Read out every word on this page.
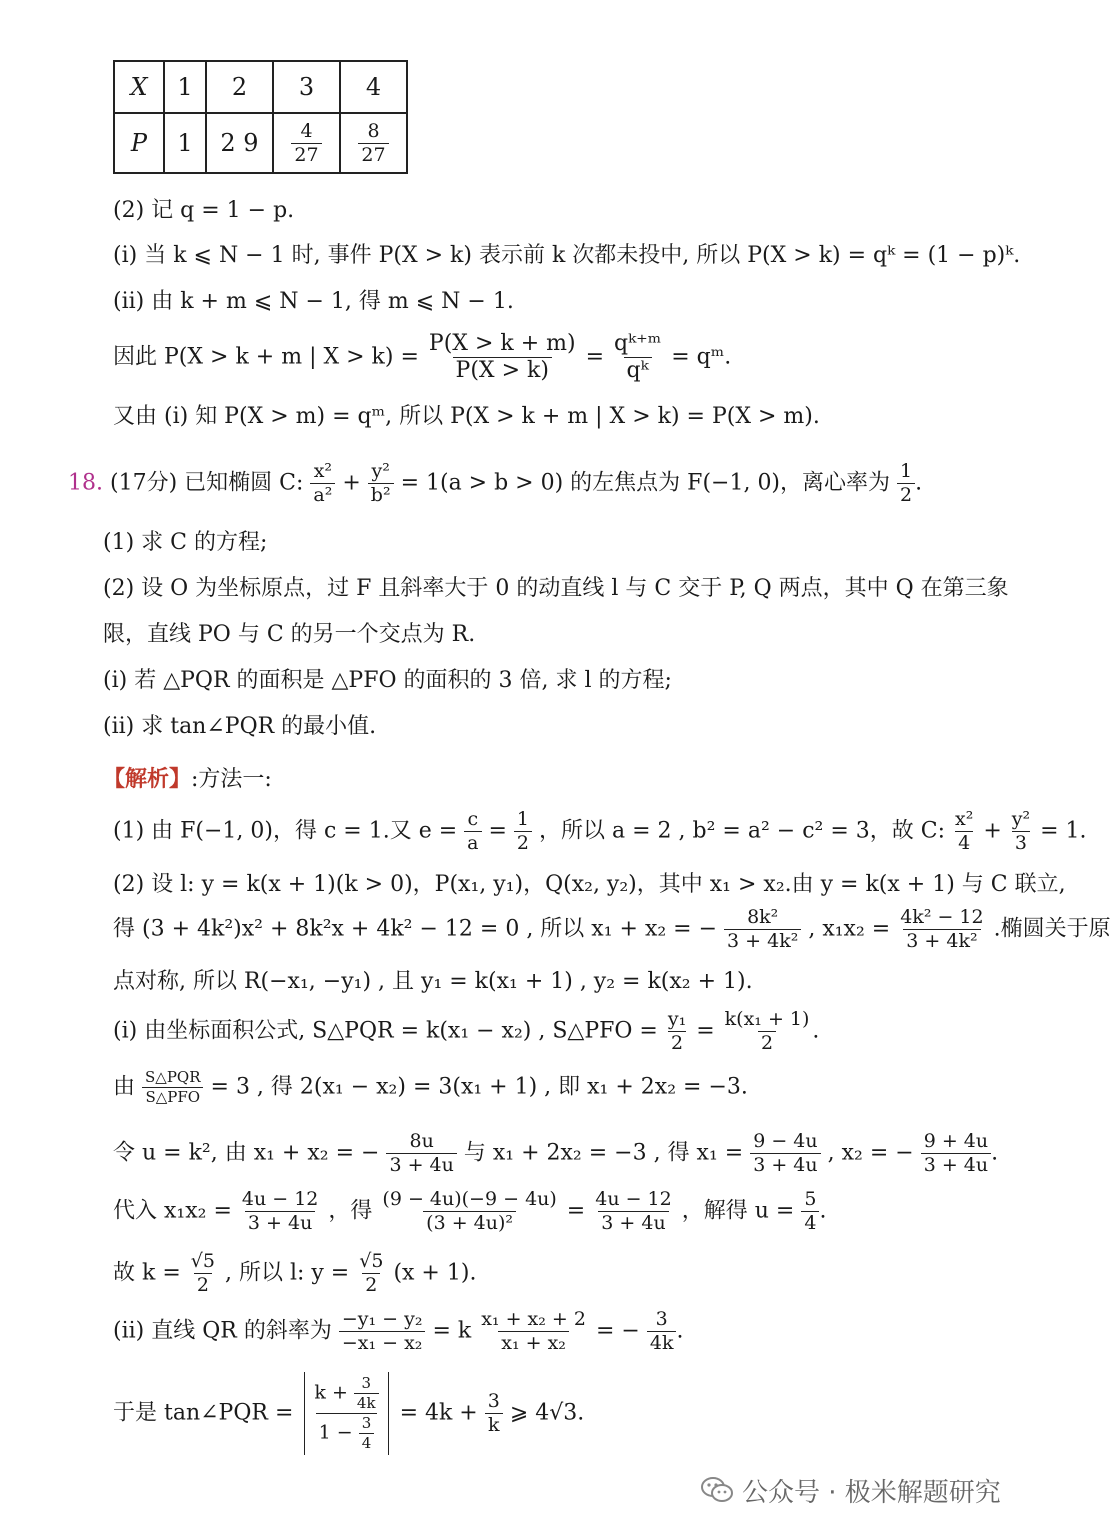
X	1	2	3	4
P	1	2 9	$\frac{4}{27}$	$\frac{8}{27}$
(2) 记 q = 1 − p.
(i) 当 k ⩽ N − 1 时, 事件 P(X > k) 表示前 k 次都未投中, 所以 P(X > k) = qᵏ = (1 − p)ᵏ.
(ii) 由 k + m ⩽ N − 1, 得 m ⩽ N − 1.
因此 P(X > k + m | $X > k) = \frac{P(X > k + m)}{P(X > k)} = \frac{\text{qᵏ⁺ᵐ}}{\text{qᵏ}}$ = qᵐ.
又由 (i) 知 P(X > m) = qᵐ, 所以 P(X > k + m | X > k) = P(X > m).
18. (17分) 已知椭圆 C: $\frac{\text{x²}}{\text{a²}} + \frac{\text{y²}}{\text{b²}} = 1(a > b > 0)$ 的左焦点为 F(−1, 0)，离心率为 $\frac{1}{2}$ .
(1) 求 C 的方程;
(2) 设 O 为坐标原点，过 F 且斜率大于 0 的动直线 l 与 C 交于 P, Q 两点，其中 Q 在第三象
限，直线 PO 与 C 的另一个交点为 R.
(i) 若 △PQR 的面积是 △PFO 的面积的 3 倍, 求 l 的方程;
(ii) 求 tan∠PQR 的最小值.
【解析】:方法一:
(1) 由 F(−1, 0)，得 c = 1.又 $e = \frac{c}{a} = \frac{1}{2}$ ，所以 a = 2 , b² = a² − c² = 3，故 C: $\frac{\text{x²}}{4} + \frac{\text{y²}}{3} = 1$.
(2) 设 l: y = k(x + 1)(k > 0)，P(x₁, y₁)，Q(x₂, y₂)，其中 x₁ > x₂.由 y = k(x + 1) 与 C 联立,
得 (3 + 4k²)x² + 8k²x + 4k² − 12 = 0 , 所以 x₁ + x₂ = − $\frac{\text{8k²}}{\text{3 + 4k²}}$ , $x_1x_2 = \frac{\text{4k² − 12}}{\text{3 + 4k²}}$ .椭圆关于原
点对称, 所以 R(−x₁, −y₁) , 且 y₁ = k(x₁ + 1) , y₂ = k(x₂ + 1).
(i) 由坐标面积公式, S△PQR = k(x₁ − x₂) , S△PFO = $\frac{\text{y₁}}{2} = \frac{\text{k(x₁ + 1)}}{2}$ .
由 $\frac{\text{S△PQR}}{\text{S△PFO}} = 3$ , 得 2(x₁ − x₂) = 3(x₁ + 1) , 即 x₁ + 2x₂ = −3.
令 u = k², 由 x₁ + x₂ = − $\frac{8u}{3 + 4u}$ 与 x₁ + 2x₂ = −3 , 得 $x_1 = \frac{9 - 4u}{3 + 4u}$ , x₂ = − $\frac{9 + 4u}{3 + 4u}$ .
代入 $x_1x_2 = \frac{4u - 12}{3 + 4u}$ ，得 $\frac{(9 - 4u)(-9 - 4u)}{\text{(3 + 4u)²}} = \frac{4u - 12}{3 + 4u}$ ，解得 $u = \frac{5}{4}$ .
故 $k = \frac{√5}{2}$ , 所以 l: $y = \frac{√5}{2} (x + 1)$.
(ii) 直线 QR 的斜率为 $\frac{\text{−y₁ − y₂}}{\text{−x₁ − x₂}} = k \frac{\text{x₁ + x₂ + 2}}{\text{x₁ + x₂}}$ = − $\frac{3}{4k}$ .
于是 tan∠PQR = $\frac{k + \frac{3}{4k}}{1 - \frac{3}{4}} = 4k + \frac{3}{k}$ ⩾ 4√3.
公众号 · 极米解题研究
